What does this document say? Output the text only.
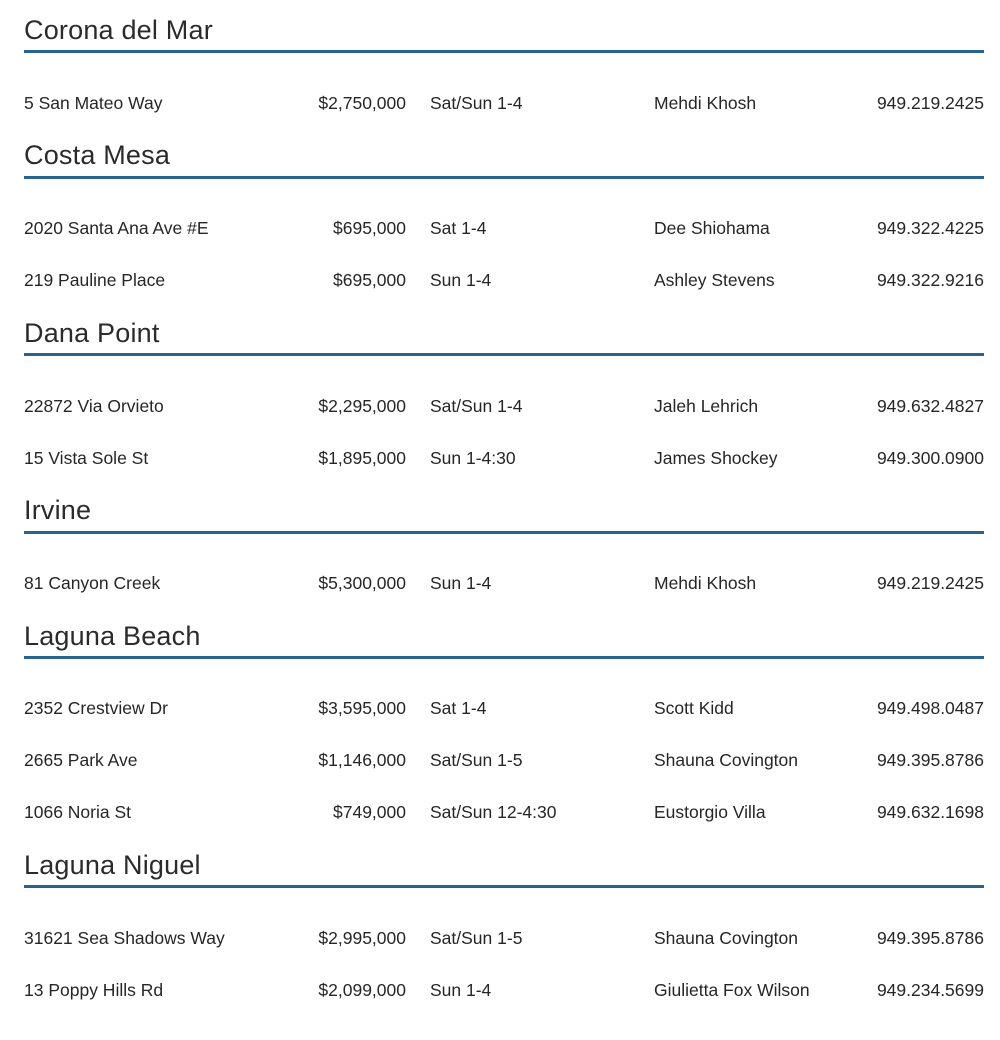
Corona del Mar
5 San Mateo Way	$2,750,000	Sat/Sun 1-4	Mehdi Khosh	949.219.2425
Costa Mesa
2020 Santa Ana Ave #E	$695,000	Sat 1-4	Dee Shiohama	949.322.4225
219 Pauline Place	$695,000	Sun 1-4	Ashley Stevens	949.322.9216
Dana Point
22872 Via Orvieto	$2,295,000	Sat/Sun 1-4	Jaleh Lehrich	949.632.4827
15 Vista Sole St	$1,895,000	Sun 1-4:30	James Shockey	949.300.0900
Irvine
81 Canyon Creek	$5,300,000	Sun 1-4	Mehdi Khosh	949.219.2425
Laguna Beach
2352 Crestview Dr	$3,595,000	Sat 1-4	Scott Kidd	949.498.0487
2665 Park Ave	$1,146,000	Sat/Sun 1-5	Shauna Covington	949.395.8786
1066 Noria St	$749,000	Sat/Sun 12-4:30	Eustorgio Villa	949.632.1698
Laguna Niguel
31621 Sea Shadows Way	$2,995,000	Sat/Sun 1-5	Shauna Covington	949.395.8786
13 Poppy Hills Rd	$2,099,000	Sun 1-4	Giulietta Fox Wilson	949.234.5699
